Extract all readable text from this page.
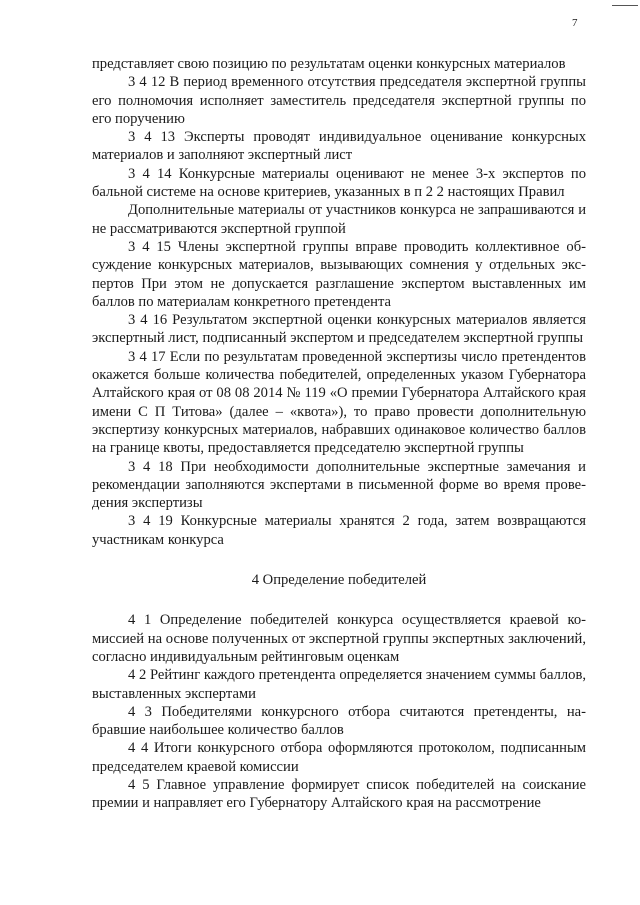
7

представляет свою позицию по результатам оценки конкурсных материалов

3 4 12 В период временного отсутствия председателя экспертной группы его полномочия исполняет заместитель председателя экспертной группы по его поручению

3 4 13 Эксперты проводят индивидуальное оценивание конкурсных материалов и заполняют экспертный лист

3 4 14 Конкурсные материалы оценивают не менее 3-х экспертов по бальной системе на основе критериев, указанных в п 2 2 настоящих Правил

Дополнительные материалы от участников конкурса не запрашиваются и не рассматриваются экспертной группой

3 4 15 Члены экспертной группы вправе проводить коллективное обсуждение конкурсных материалов, вызывающих сомнения у отдельных экспертов При этом не допускается разглашение экспертом выставленных им баллов по материалам конкретного претендента

3 4 16 Результатом экспертной оценки конкурсных материалов является экспертный лист, подписанный экспертом и председателем экспертной группы

3 4 17 Если по результатам проведенной экспертизы число претендентов окажется больше количества победителей, определенных указом Губернатора Алтайского края от 08 08 2014 № 119 «О премии Губернатора Алтайского края имени С П Титова» (далее – «квота»), то право провести дополнительную экспертизу конкурсных материалов, набравших одинаковое количество баллов на границе квоты, предоставляется председателю экспертной группы

3 4 18 При необходимости дополнительные экспертные замечания и рекомендации заполняются экспертами в письменной форме во время проведения экспертизы

3 4 19 Конкурсные материалы хранятся 2 года, затем возвращаются участникам конкурса

4 Определение победителей

4 1 Определение победителей конкурса осуществляется краевой комиссией на основе полученных от экспертной группы экспертных заключений, согласно индивидуальным рейтинговым оценкам

4 2 Рейтинг каждого претендента определяется значением суммы баллов, выставленных экспертами

4 3 Победителями конкурсного отбора считаются претенденты, набравшие наибольшее количество баллов

4 4 Итоги конкурсного отбора оформляются протоколом, подписанным председателем краевой комиссии

4 5 Главное управление формирует список победителей на соискание премии и направляет его Губернатору Алтайского края на рассмотрение
